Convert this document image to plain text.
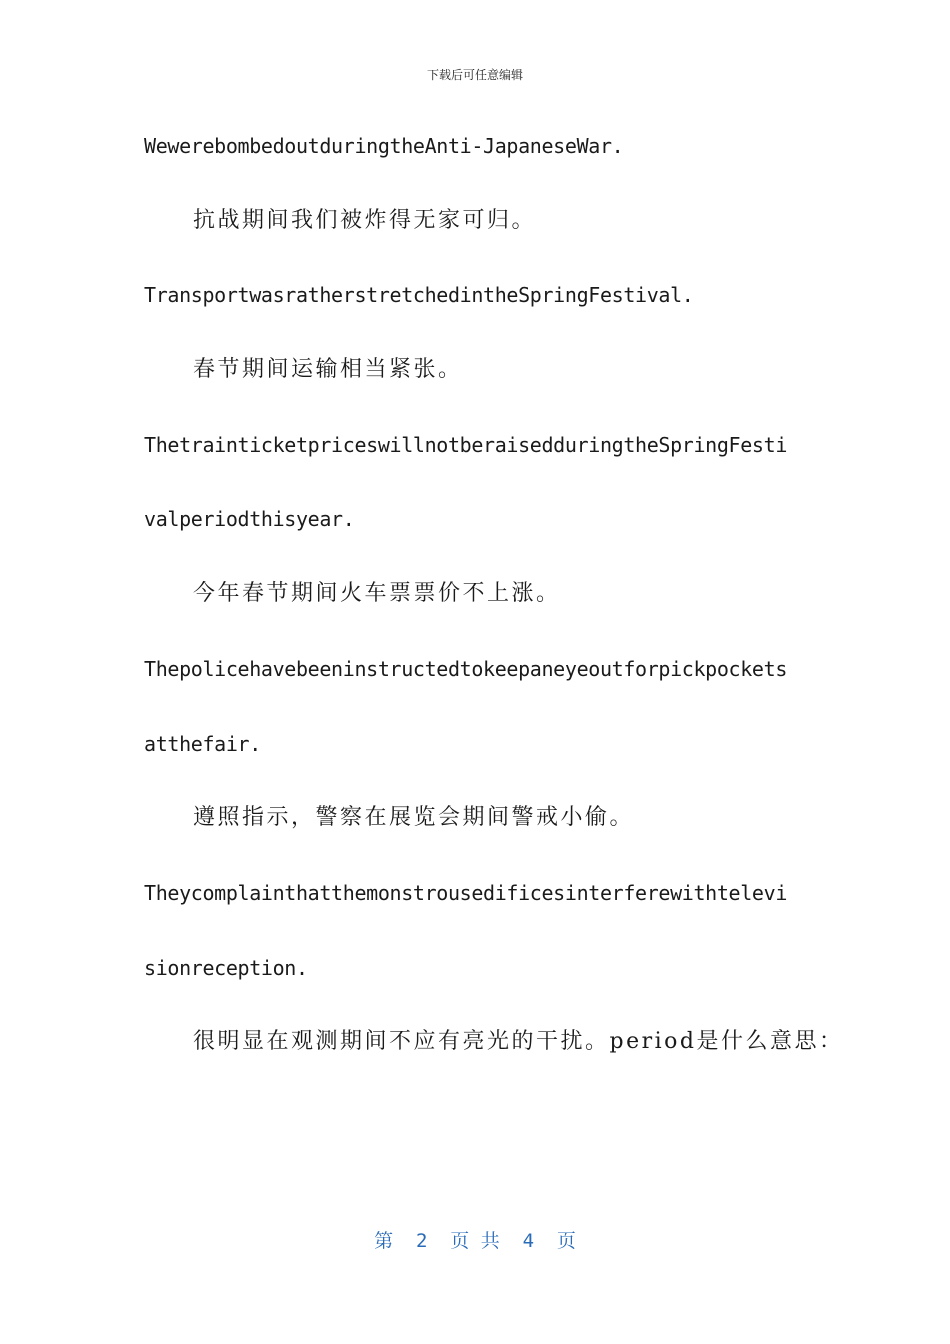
下载后可任意编辑
WewerebombedoutduringtheAnti-JapaneseWar.
抗战期间我们被炸得无家可归。
TransportwasratherstretchedintheSpringFestival.
春节期间运输相当紧张。
ThetrainticketpriceswillnotberaisedduringtheSpringFesti
valperiodthisyear.
今年春节期间火车票票价不上涨。
Thepolicehavebeeninstructedtokeepaneyeoutforpickpockets
atthefair.
遵照指示，警察在展览会期间警戒小偷。
Theycomplainthatthemonstrousedificesinterferewithtelevi
sionreception.
很明显在观测期间不应有亮光的干扰。period是什么意思：
第  2  页 共  4  页
